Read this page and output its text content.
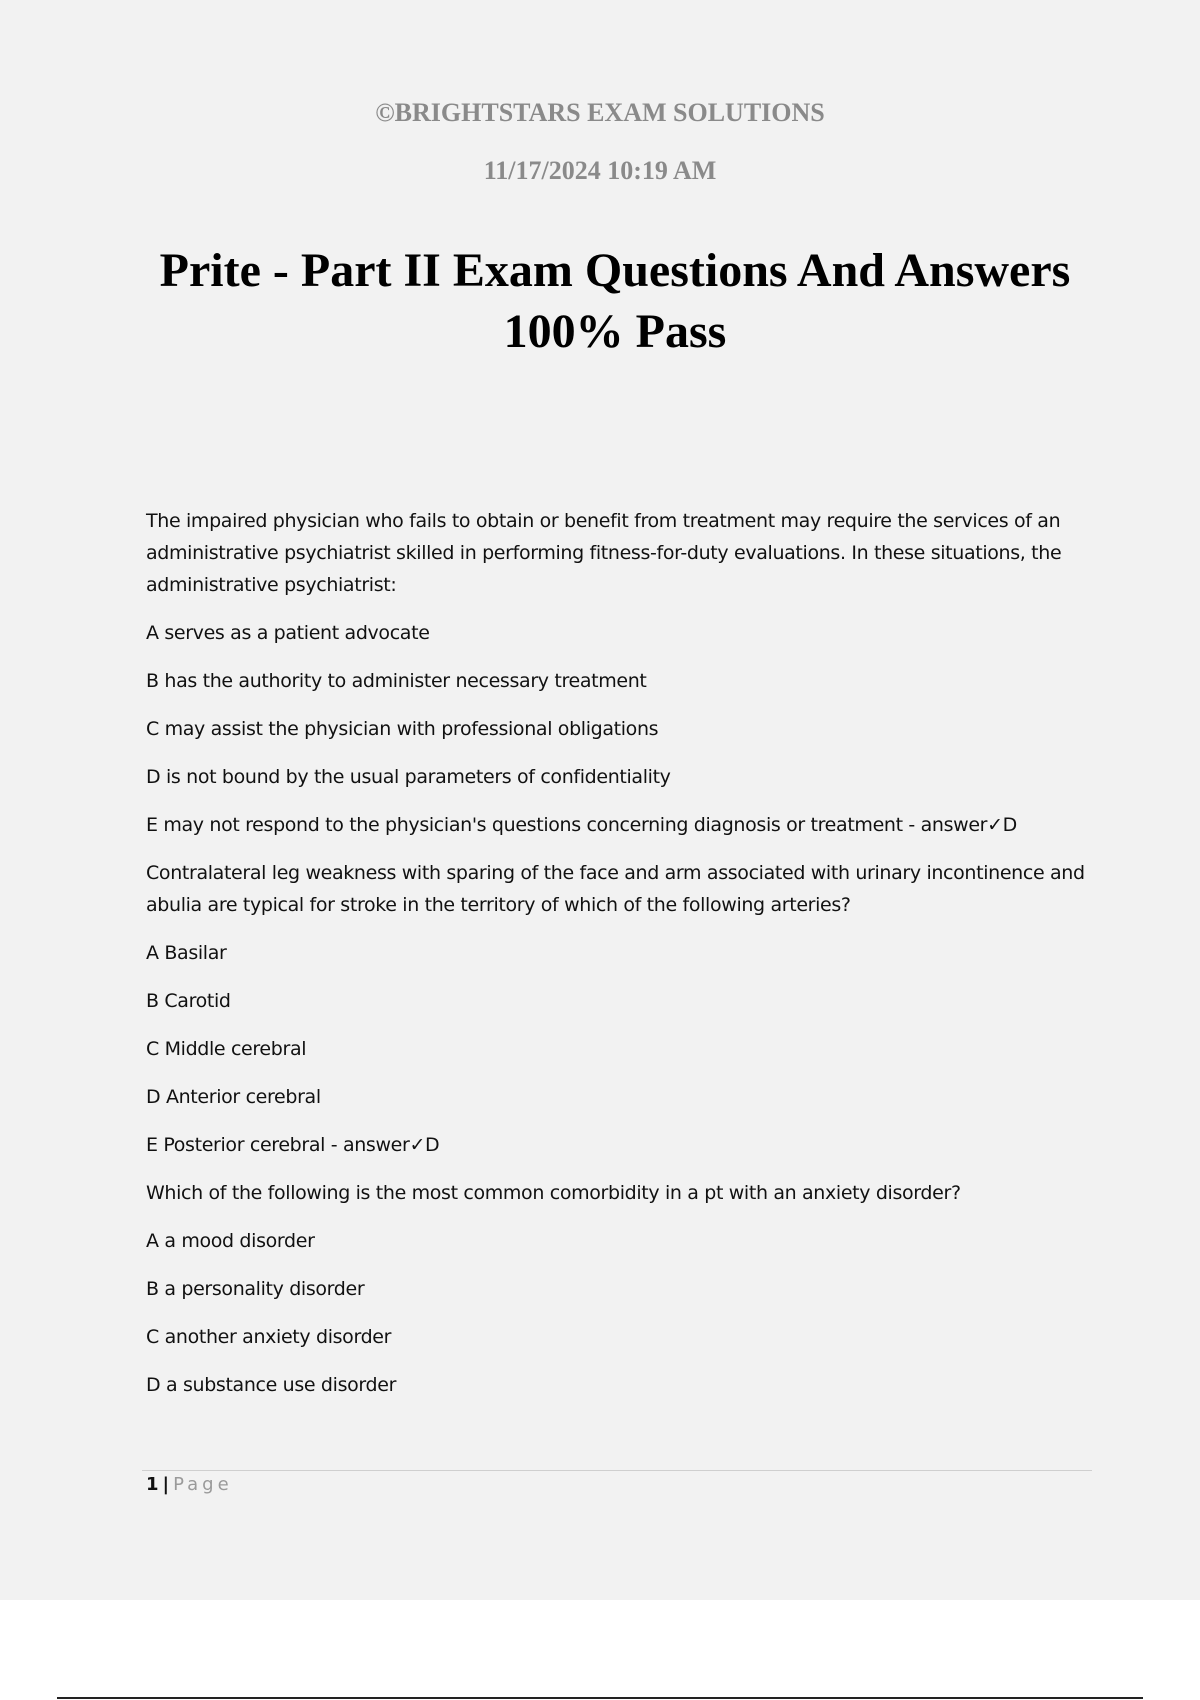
©BRIGHTSTARS EXAM SOLUTIONS
11/17/2024 10:19 AM
Prite - Part II Exam Questions And Answers
100% Pass
The impaired physician who fails to obtain or benefit from treatment may require the services of an administrative psychiatrist skilled in performing fitness-for-duty evaluations. In these situations, the administrative psychiatrist:
A serves as a patient advocate
B has the authority to administer necessary treatment
C may assist the physician with professional obligations
D is not bound by the usual parameters of confidentiality
E may not respond to the physician's questions concerning diagnosis or treatment - answer✓D
Contralateral leg weakness with sparing of the face and arm associated with urinary incontinence and abulia are typical for stroke in the territory of which of the following arteries?
A Basilar
B Carotid
C Middle cerebral
D Anterior cerebral
E Posterior cerebral - answer✓D
Which of the following is the most common comorbidity in a pt with an anxiety disorder?
A a mood disorder
B a personality disorder
C another anxiety disorder
D a substance use disorder
1 | Page
